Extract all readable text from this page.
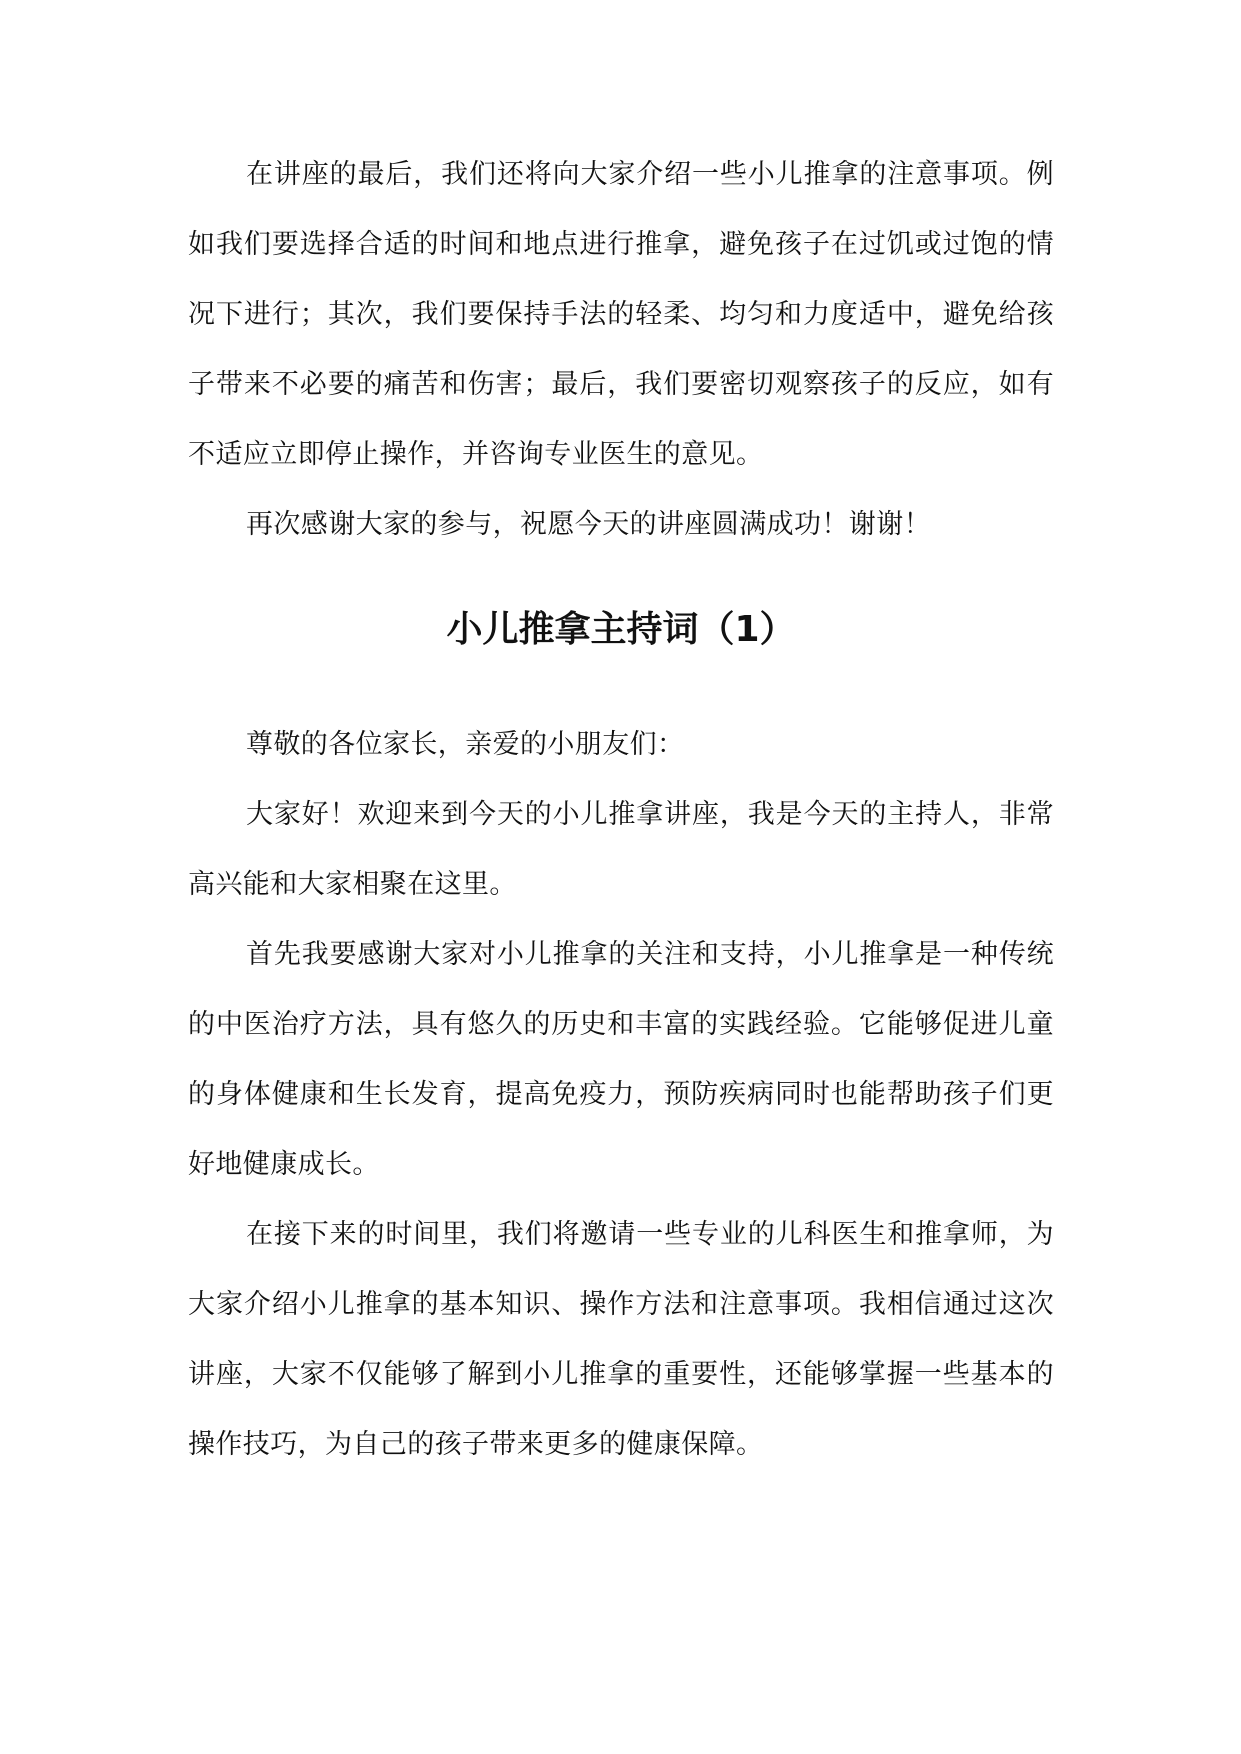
在讲座的最后，我们还将向大家介绍一些小儿推拿的注意事项。例如我们要选择合适的时间和地点进行推拿，避免孩子在过饥或过饱的情况下进行；其次，我们要保持手法的轻柔、均匀和力度适中，避免给孩子带来不必要的痛苦和伤害；最后，我们要密切观察孩子的反应，如有不适应立即停止操作，并咨询专业医生的意见。

再次感谢大家的参与，祝愿今天的讲座圆满成功！谢谢！

小儿推拿主持词（1）

尊敬的各位家长，亲爱的小朋友们：

大家好！欢迎来到今天的小儿推拿讲座，我是今天的主持人，非常高兴能和大家相聚在这里。

首先我要感谢大家对小儿推拿的关注和支持，小儿推拿是一种传统的中医治疗方法，具有悠久的历史和丰富的实践经验。它能够促进儿童的身体健康和生长发育，提高免疫力，预防疾病同时也能帮助孩子们更好地健康成长。

在接下来的时间里，我们将邀请一些专业的儿科医生和推拿师，为大家介绍小儿推拿的基本知识、操作方法和注意事项。我相信通过这次讲座，大家不仅能够了解到小儿推拿的重要性，还能够掌握一些基本的操作技巧，为自己的孩子带来更多的健康保障。
